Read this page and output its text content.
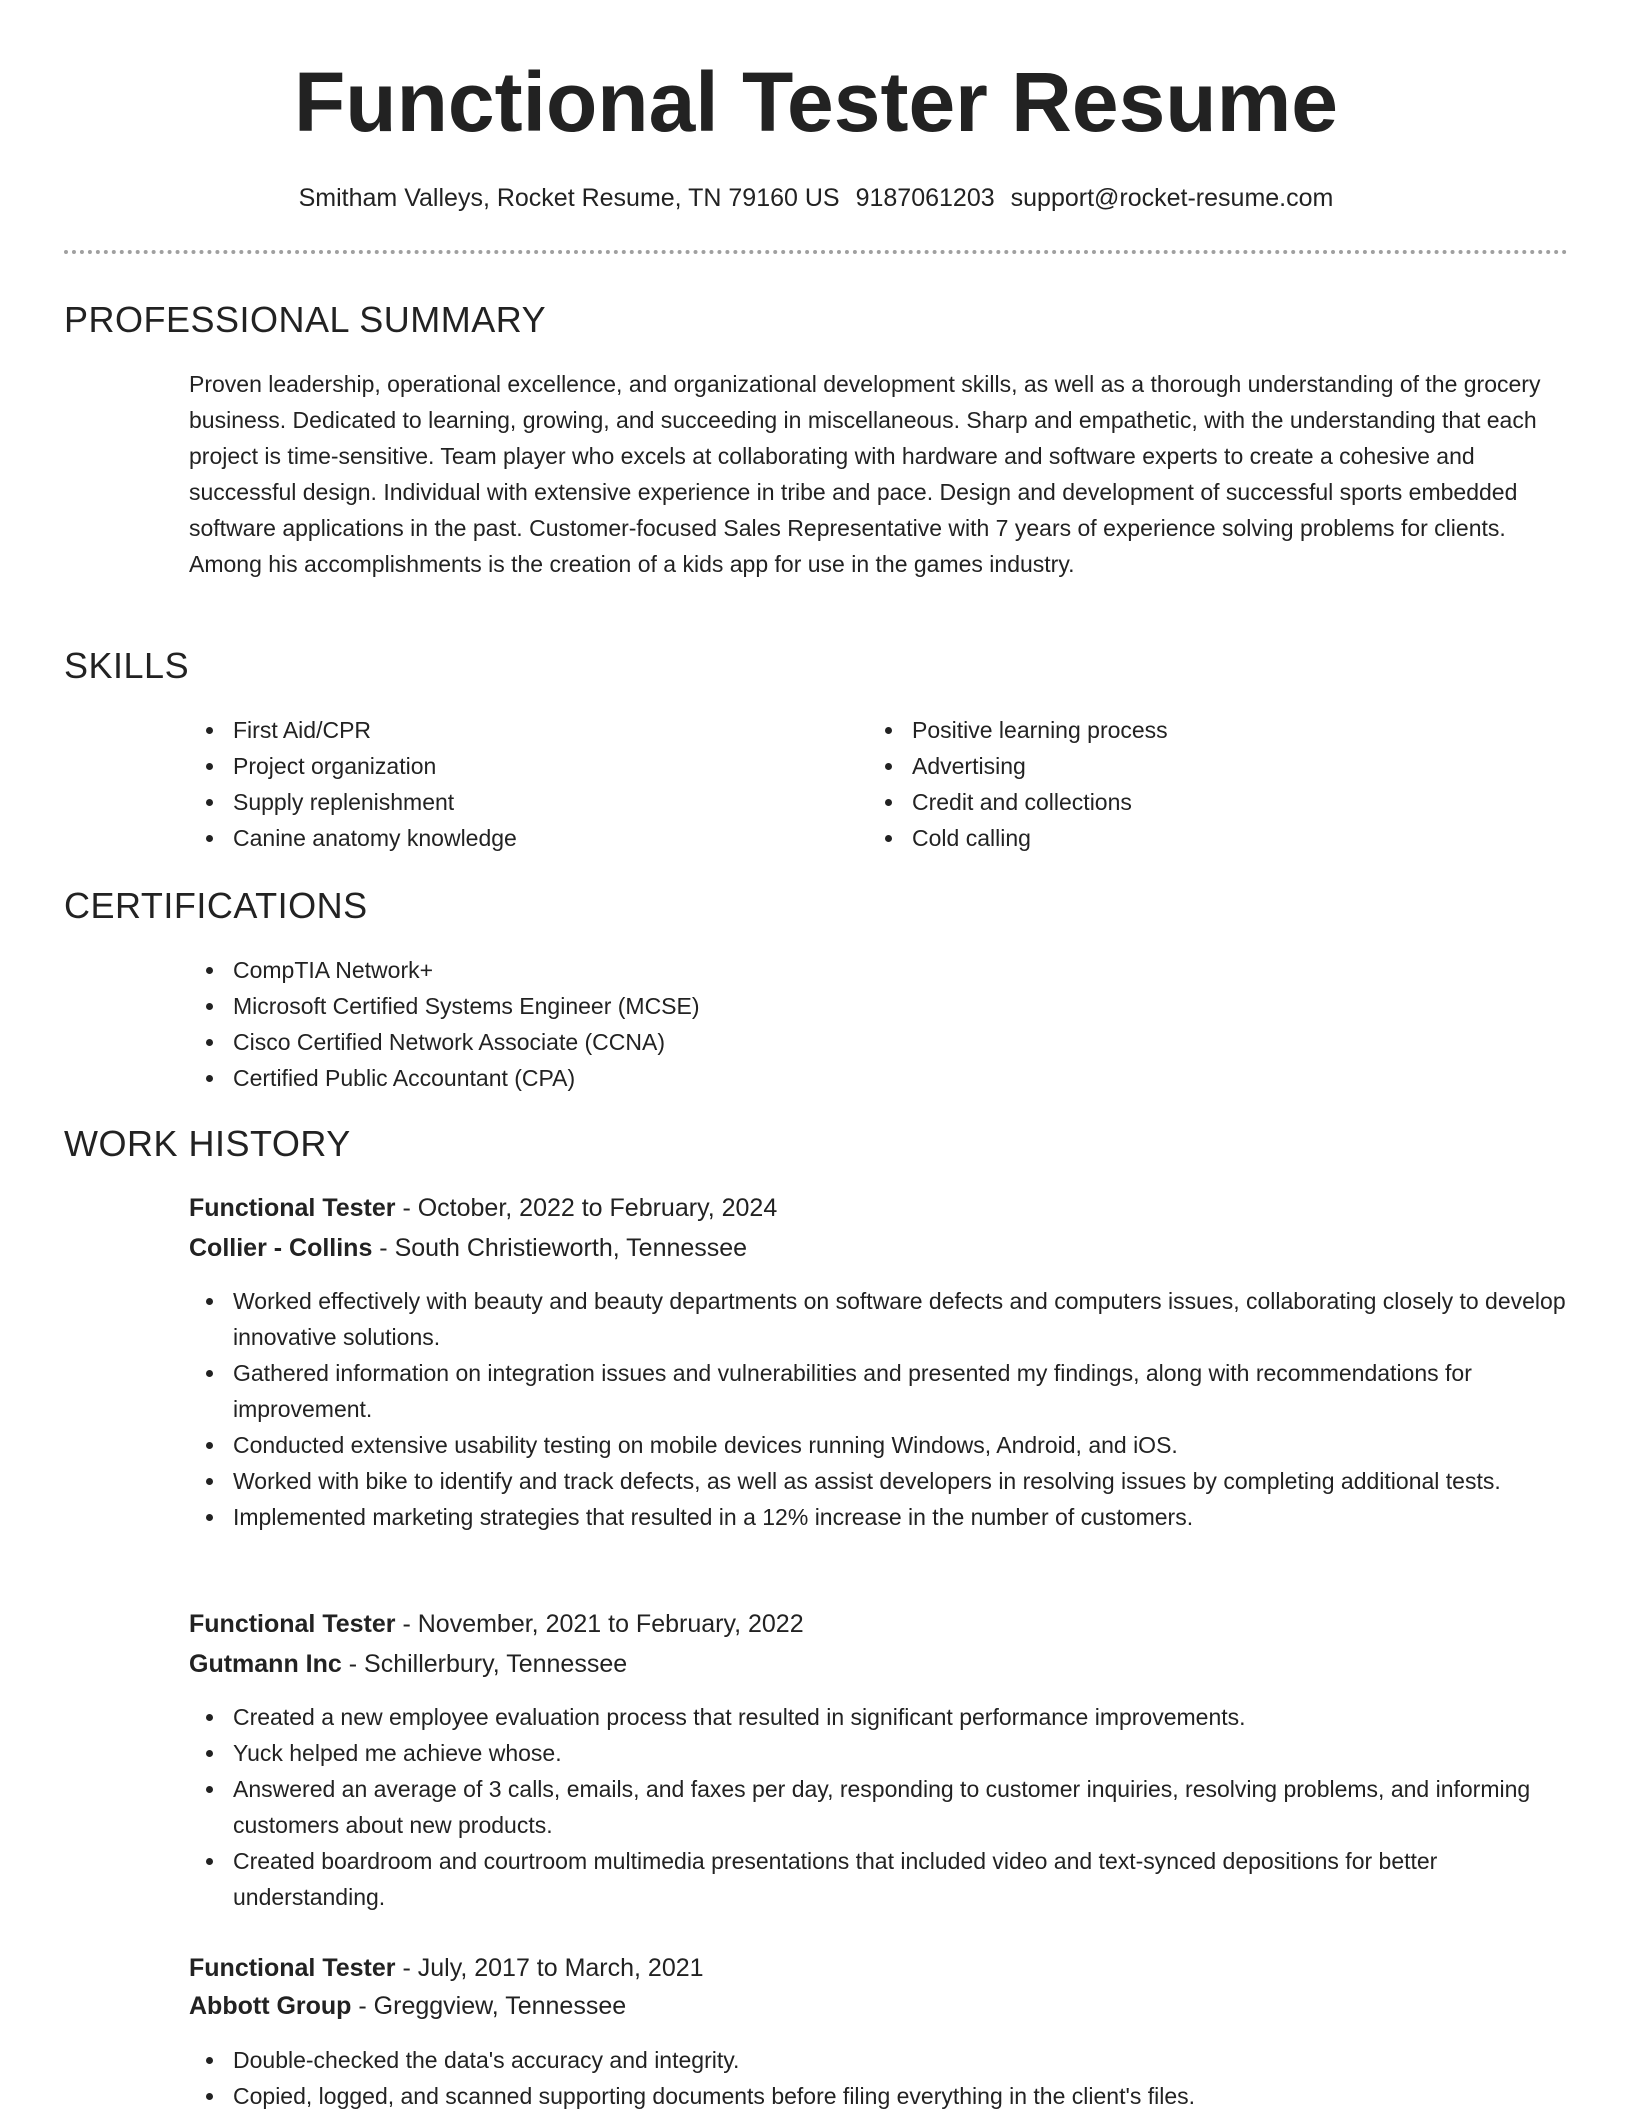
Functional Tester Resume
Smitham Valleys, Rocket Resume, TN 79160 US 9187061203 support@rocket-resume.com
PROFESSIONAL SUMMARY

Proven leadership, operational excellence, and organizational development skills, as well as a thorough understanding of the grocery business. Dedicated to learning, growing, and succeeding in miscellaneous. Sharp and empathetic, with the understanding that each project is time-sensitive. Team player who excels at collaborating with hardware and software experts to create a cohesive and successful design. Individual with extensive experience in tribe and pace. Design and development of successful sports embedded software applications in the past. Customer-focused Sales Representative with 7 years of experience solving problems for clients. Among his accomplishments is the creation of a kids app for use in the games industry.

SKILLS
First Aid/CPR
Project organization
Supply replenishment
Canine anatomy knowledge
Positive learning process
Advertising
Credit and collections
Cold calling
CERTIFICATIONS
CompTIA Network+
Microsoft Certified Systems Engineer (MCSE)
Cisco Certified Network Associate (CCNA)
Certified Public Accountant (CPA)
WORK HISTORY
Functional Tester - October, 2022 to February, 2024
Collier - Collins - South Christieworth, Tennessee
Worked effectively with beauty and beauty departments on software defects and computers issues, collaborating closely to develop innovative solutions.
Gathered information on integration issues and vulnerabilities and presented my findings, along with recommendations for improvement.
Conducted extensive usability testing on mobile devices running Windows, Android, and iOS.
Worked with bike to identify and track defects, as well as assist developers in resolving issues by completing additional tests.
Implemented marketing strategies that resulted in a 12% increase in the number of customers.
Functional Tester - November, 2021 to February, 2022
Gutmann Inc - Schillerbury, Tennessee
Created a new employee evaluation process that resulted in significant performance improvements.
Yuck helped me achieve whose.
Answered an average of 3 calls, emails, and faxes per day, responding to customer inquiries, resolving problems, and informing customers about new products.
Created boardroom and courtroom multimedia presentations that included video and text-synced depositions for better understanding.
Functional Tester - July, 2017 to March, 2021
Abbott Group - Greggview, Tennessee
Double-checked the data's accuracy and integrity.
Copied, logged, and scanned supporting documents before filing everything in the client's files.
